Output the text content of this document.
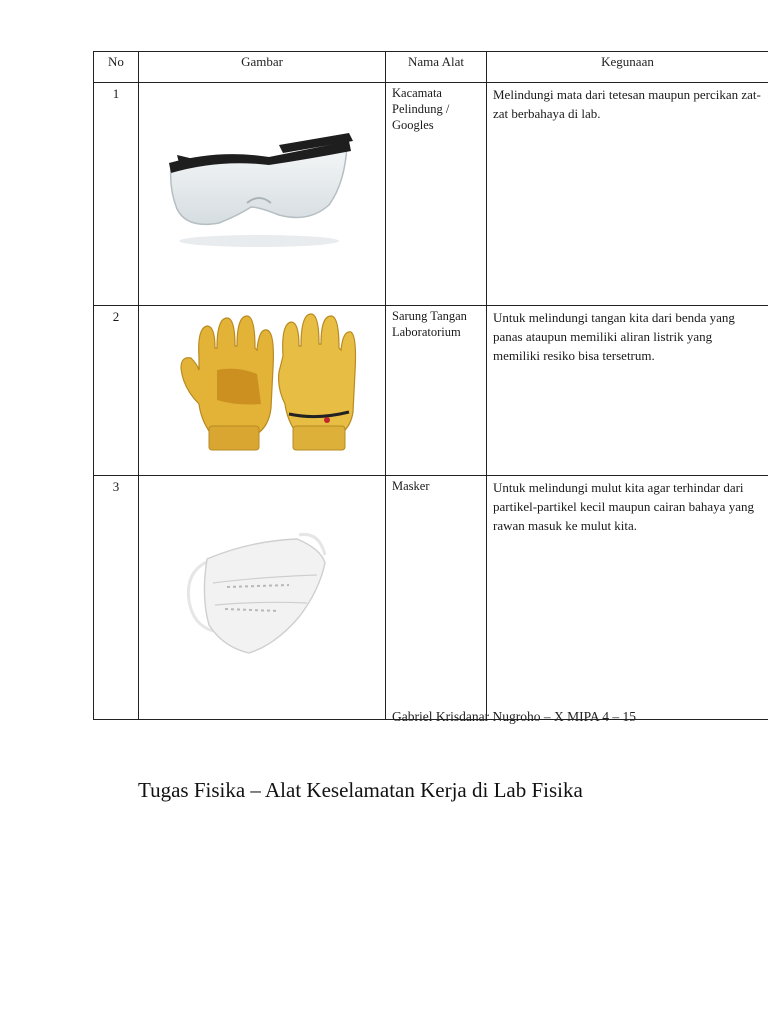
No	Gambar	Nama Alat	Kegunaan
1		Kacamata Pelindung / Googles	Melindungi mata dari tetesan maupun percikan zat-zat berbahaya di lab.
2		Sarung Tangan Laboratorium	Untuk melindungi tangan kita dari benda yang panas ataupun memiliki aliran listrik yang memiliki resiko bisa tersetrum.
3		Masker	Untuk melindungi mulut kita agar terhindar dari partikel-partikel kecil maupun cairan bahaya yang rawan masuk ke mulut kita.
Gabriel Krisdanar Nugroho – X MIPA 4 – 15
Tugas Fisika – Alat Keselamatan Kerja di Lab Fisika
